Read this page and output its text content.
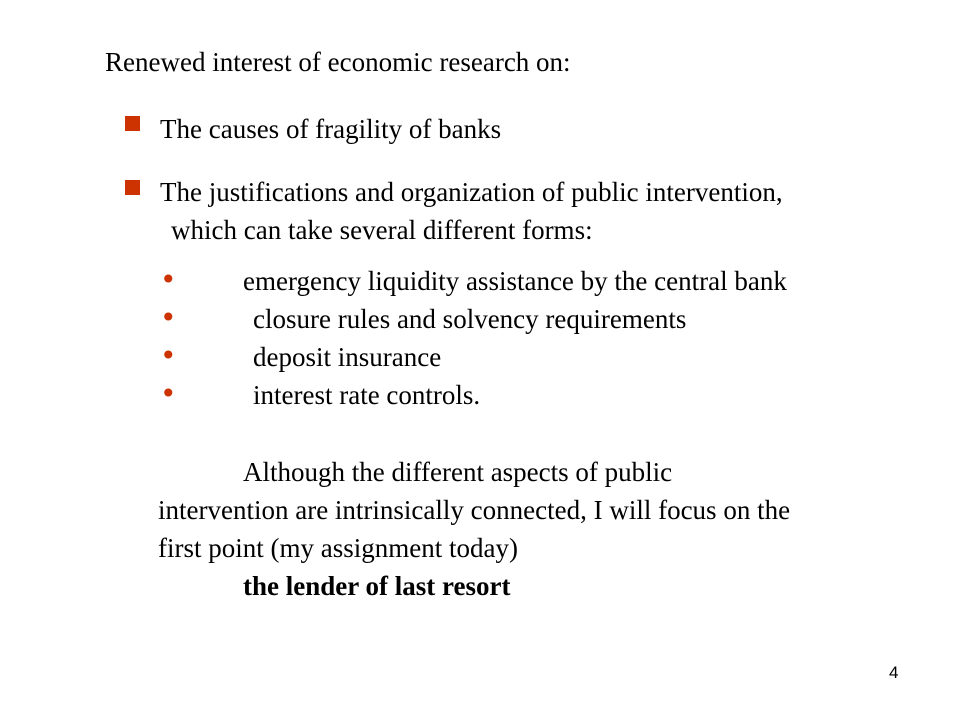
Renewed interest of economic research on:
The causes of fragility of banks
The justifications and organization of public intervention,
which can take several different forms:
• emergency liquidity assistance by the central bank
•	closure rules and solvency requirements
•	deposit insurance
•	interest rate controls.
Although the different aspects of public
intervention are intrinsically connected, I will focus on the
first point (my assignment today)
the lender of last resort
4
